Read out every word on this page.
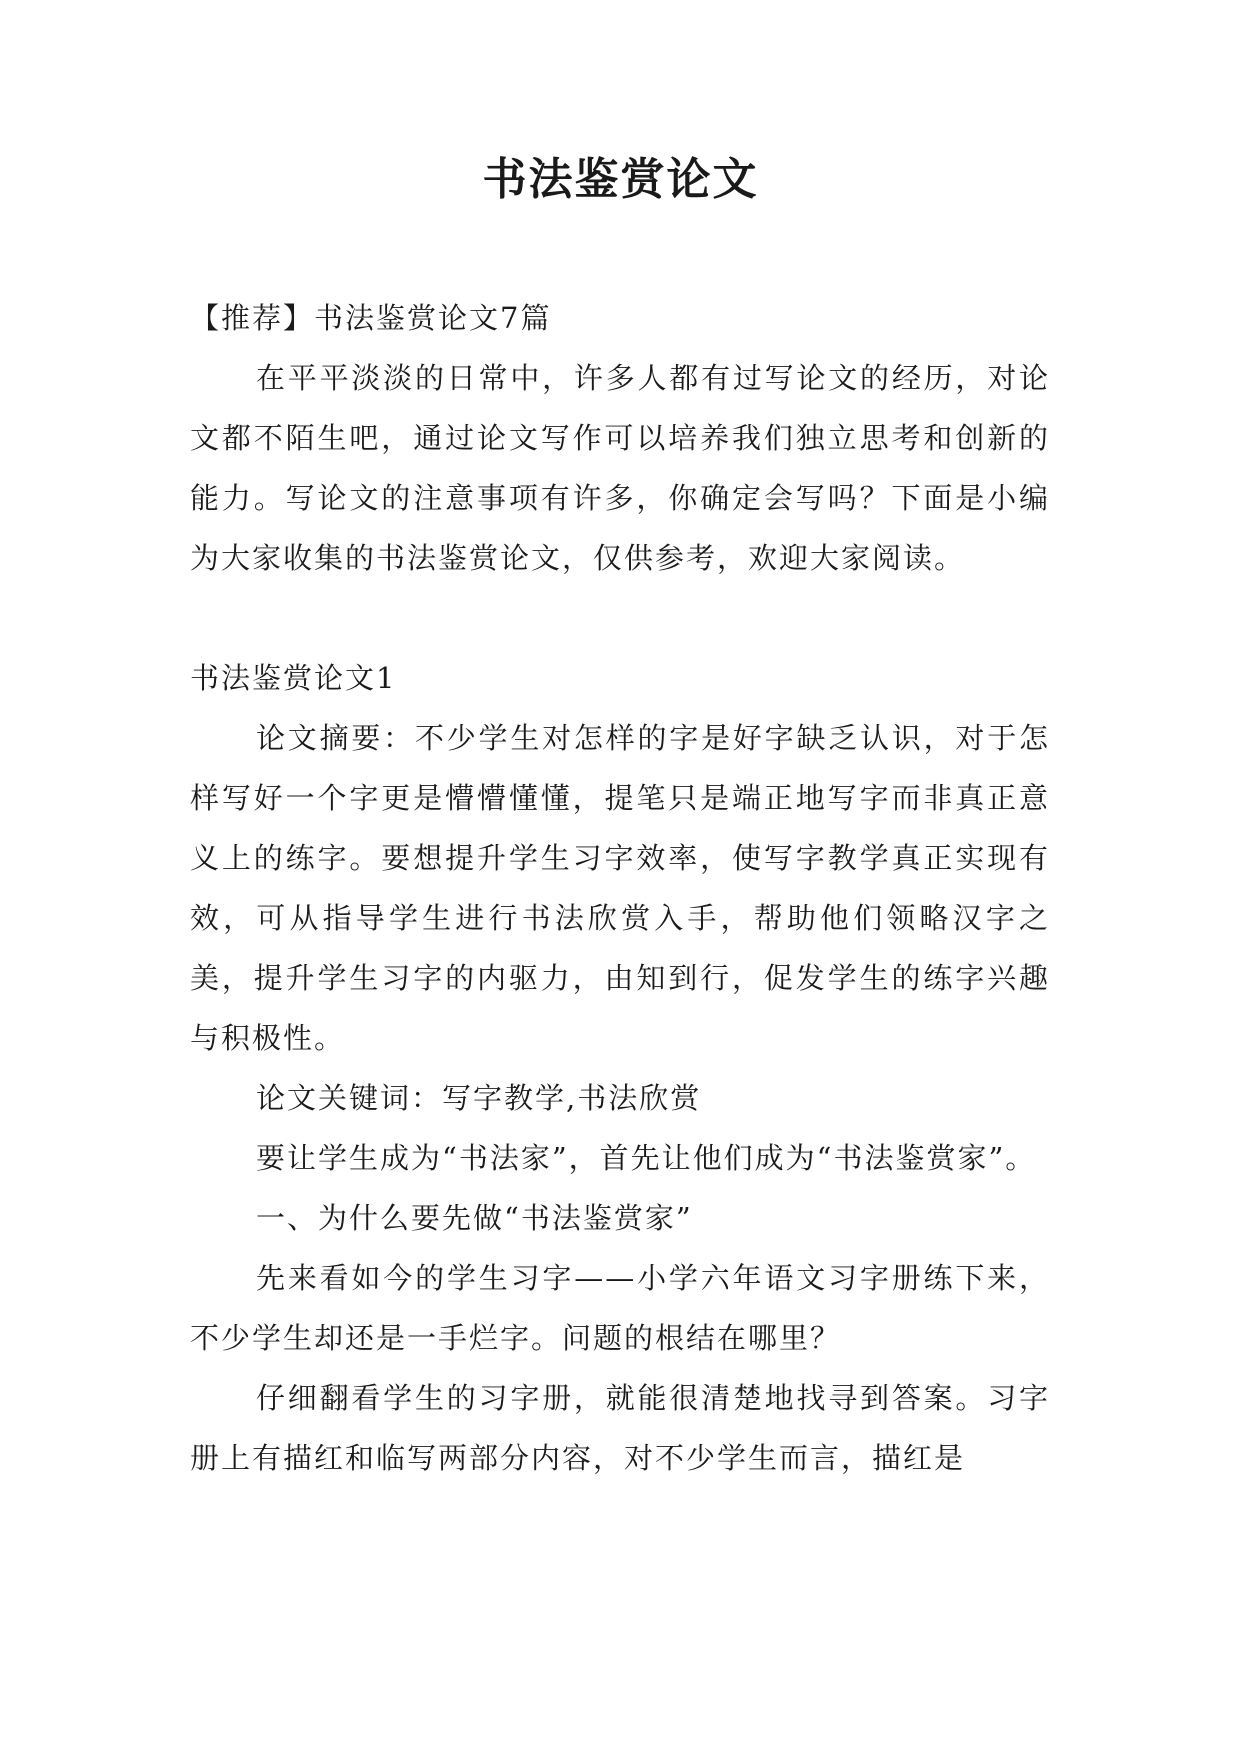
书法鉴赏论文

【推荐】书法鉴赏论文7篇

在平平淡淡的日常中，许多人都有过写论文的经历，对论文都不陌生吧，通过论文写作可以培养我们独立思考和创新的能力。写论文的注意事项有许多，你确定会写吗？下面是小编为大家收集的书法鉴赏论文，仅供参考，欢迎大家阅读。

书法鉴赏论文1

论文摘要：不少学生对怎样的字是好字缺乏认识，对于怎样写好一个字更是懵懵懂懂，提笔只是端正地写字而非真正意义上的练字。要想提升学生习字效率，使写字教学真正实现有效，可从指导学生进行书法欣赏入手，帮助他们领略汉字之美，提升学生习字的内驱力，由知到行，促发学生的练字兴趣与积极性。

论文关键词：写字教学,书法欣赏

要让学生成为“书法家”，首先让他们成为“书法鉴赏家”。

一、为什么要先做“书法鉴赏家”

先来看如今的学生习字——小学六年语文习字册练下来，不少学生却还是一手烂字。问题的根结在哪里？

仔细翻看学生的习字册，就能很清楚地找寻到答案。习字册上有描红和临写两部分内容，对不少学生而言，描红是
